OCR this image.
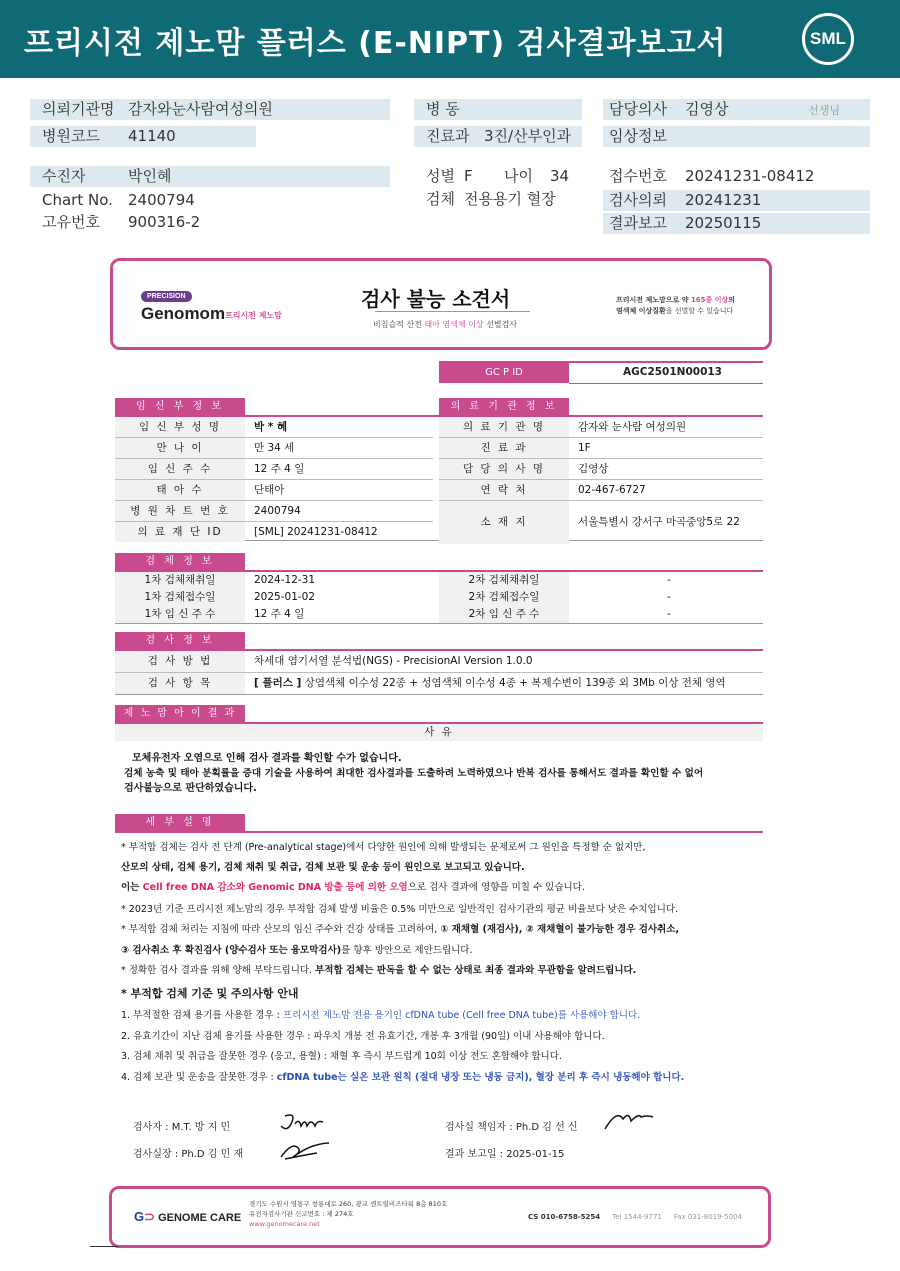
프리시전 제노맘 플러스 (E-NIPT) 검사결과보고서	SML
의뢰기관명 감자와눈사람여성의원	병 동	담당의사 김영상	선생님
병원코드 41140	진료과 3진/산부인과	임상정보
수진자	박인혜	성별 F 나이 34	접수번호 20241231-08412
Chart No. 2400794	검체 전용용기 혈장	검사의뢰 20241231
고유번호 900316-2	결과보고 20250115
PRECISION
Genomom 프리시전 제노맘
검사 불능 소견서
비침습적 산전 태아 염색체 이상 선별검사
프리시전 제노맘으로 약 165종 이상의
염색체 이상질환을 선별할 수 있습니다
GC P ID	AGC2501N00013
임 신 부 정 보	의 료 기 관 정 보
검 체 정 보
검 사 정 보
검 사 방 법	차세대 염기서열 분석법(NGS) - PrecisionAI Version 1.0.0
검 사 항 목	[ 플러스 ] 상염색체 이수성 22종 + 성염색체 이수성 4종 + 복제수변이 139종 외 3Mb 이상 전체 영역
제 노 맘 아 이 결 과
사 유
모체유전자 오염으로 인해 검사 결과를 확인할 수가 없습니다.
검체 농축 및 태아 분획률을 증대 기술을 사용하여 최대한 검사결과를 도출하려 노력하였으나 반복 검사를 통해서도 결과를 확인할 수 없어
검사불능으로 판단하였습니다.
세 부 설 명
* 부적합 검체는 검사 전 단계 (Pre-analytical stage)에서 다양한 원인에 의해 발생되는 문제로써 그 원인을 특정할 순 없지만,
산모의 상태, 검체 용기, 검체 채취 및 취급, 검체 보관 및 운송 등이 원인으로 보고되고 있습니다.
이는 Cell free DNA 감소와 Genomic DNA 방출 등에 의한 오염으로 검사 결과에 영향을 미칠 수 있습니다.
* 2023년 기준 프리시전 제노맘의 경우 부적합 검체 발생 비율은 0.5% 미만으로 일반적인 검사기관의 평균 비율보다 낮은 수치입니다.
* 부적합 검체 처리는 지침에 따라 산모의 임신 주수와 건강 상태를 고려하여, ① 재채혈 (재검사), ② 재채혈이 불가능한 경우 검사취소,
③ 검사취소 후 확진검사 (양수검사 또는 융모막검사)를 향후 방안으로 제안드립니다.
* 정확한 검사 결과를 위해 양해 부탁드립니다. 부적합 검체는 판독을 할 수 없는 상태로 최종 결과와 무관함을 알려드립니다.
* 부적합 검체 기준 및 주의사항 안내
1. 부적절한 검체 용기를 사용한 경우 : 프리시전 제노맘 전용 용기인 cfDNA tube (Cell free DNA tube)를 사용해야 합니다.
2. 유효기간이 지난 검체 용기를 사용한 경우 : 파우치 개봉 전 유효기간, 개봉 후 3개월 (90일) 이내 사용해야 합니다.
3. 검체 채취 및 취급을 잘못한 경우 (응고, 용혈) : 채혈 후 즉시 부드럽게 10회 이상 전도 혼합해야 합니다.
4. 검체 보관 및 운송을 잘못한 경우 : cfDNA tube는 실온 보관 원칙 (절대 냉장 또는 냉동 금지), 혈장 분리 후 즉시 냉동해야 합니다.
검사자 : M.T. 방 지 민	검사실 책임자 : Ph.D 김 선 신
검사실장 : Ph.D 김 민 재	결과 보고일 : 2025-01-15
G⊃ GENOME CARE
경기도 수원시 영통구 창룡대로 260, 광교 센트럴비즈타워 8층 810호
유전자검사기관 신고번호 : 제 274호
www.genomecare.net
CS 010-6758-5254 Tel 1544-9771 Fax 031-8019-5004
임 신 부 성 명	박 * 혜
만 나 이	만 34 세
임 신 주 수	12 주 4 일
태 아 수	단태아
병 원 차 트 번 호	2400794
의 료 재 단 ID	[SML] 20241231-08412
의 료 기 관 명	감자와 눈사람 여성의원
진 료 과	1F
담 당 의 사 명	김영상
연 락 처	02-467-6727
소 재 지	서울특별시 강서구 마곡중앙5로 22
1차 검체채취일	2024-12-31	2차 검체채취일	-
1차 검체접수일	2025-01-02	2차 검체접수일	-
1차 임 신 주 수	12 주 4 일	2차 임 신 주 수	-
